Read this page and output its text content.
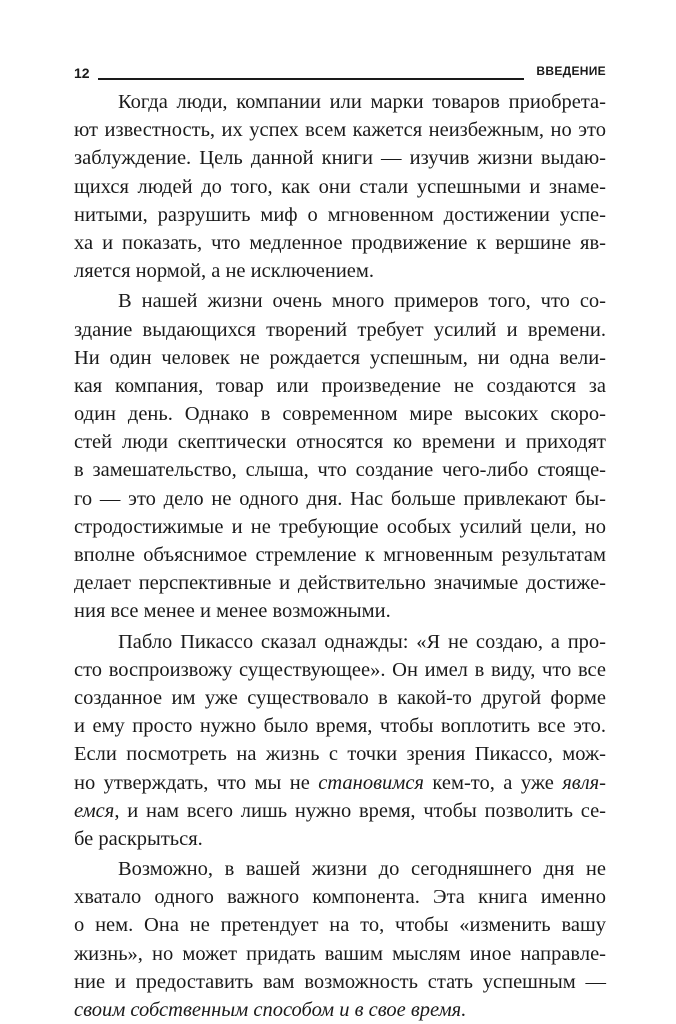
12	ВВЕДЕНИЕ

Когда люди, компании или марки товаров приобрета-
ют известность, их успех всем кажется неизбежным, но это
заблуждение. Цель данной книги — изучив жизни выдаю-
щихся людей до того, как они стали успешными и знаме-
нитыми, разрушить миф о мгновенном достижении успе-
ха и показать, что медленное продвижение к вершине яв-
ляется нормой, а не исключением.

В нашей жизни очень много примеров того, что со-
здание выдающихся творений требует усилий и времени.
Ни один человек не рождается успешным, ни одна вели-
кая компания, товар или произведение не создаются за
один день. Однако в современном мире высоких скоро-
стей люди скептически относятся ко времени и приходят
в замешательство, слыша, что создание чего-либо стояще-
го — это дело не одного дня. Нас больше привлекают бы-
стродостижимые и не требующие особых усилий цели, но
вполне объяснимое стремление к мгновенным результатам
делает перспективные и действительно значимые достиже-
ния все менее и менее возможными.

Пабло Пикассо сказал однажды: «Я не создаю, а про-
сто воспроизвожу существующее». Он имел в виду, что все
созданное им уже существовало в какой-то другой форме
и ему просто нужно было время, чтобы воплотить все это.
Если посмотреть на жизнь с точки зрения Пикассо, мож-
но утверждать, что мы не становимся кем-то, а уже явля-
емся, и нам всего лишь нужно время, чтобы позволить се-
бе раскрыться.

Возможно, в вашей жизни до сегодняшнего дня не
хватало одного важного компонента. Эта книга именно
о нем. Она не претендует на то, чтобы «изменить вашу
жизнь», но может придать вашим мыслям иное направле-
ние и предоставить вам возможность стать успешным —
своим собственным способом и в свое время.
